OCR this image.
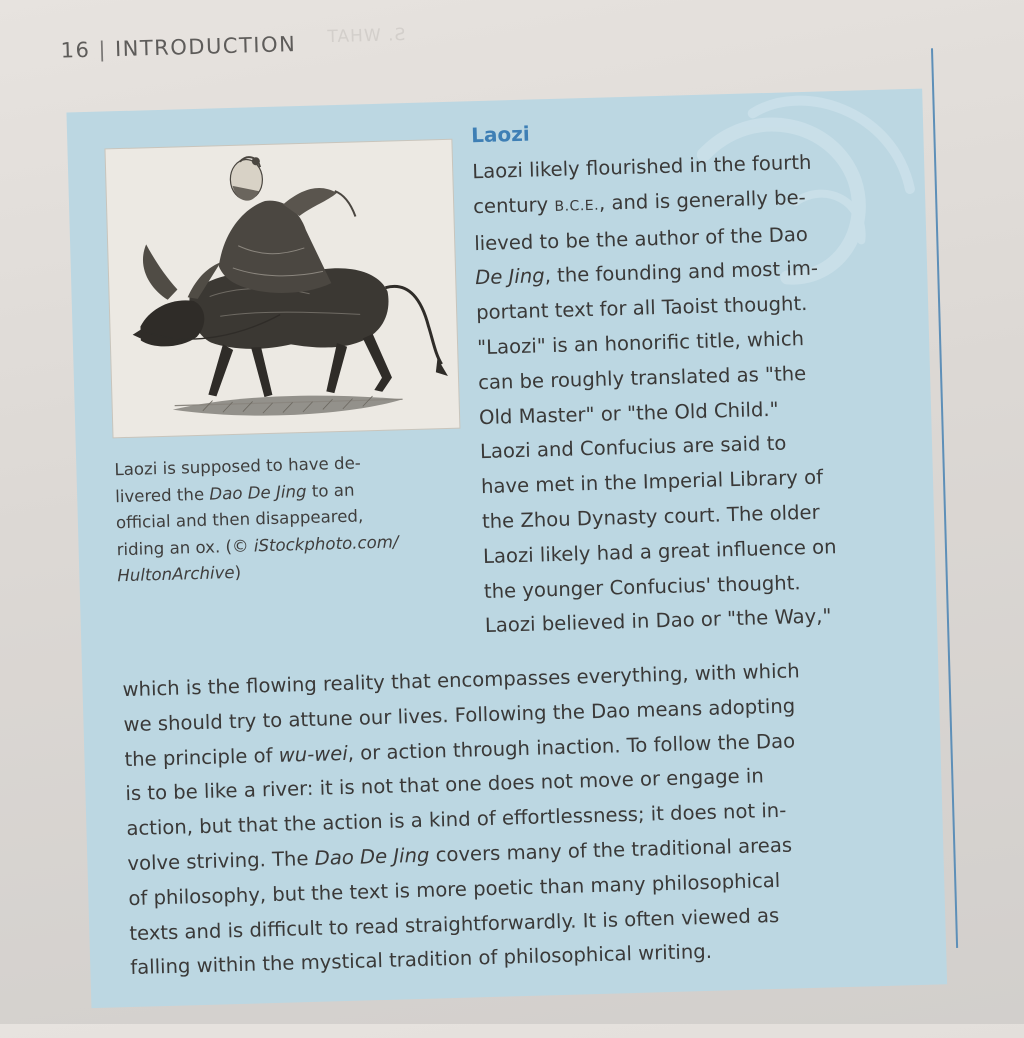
16 | INTRODUCTION S. WHAT
Laozi is supposed to have de-
livered the Dao De Jing to an
official and then disappeared,
riding an ox. (© iStockphoto.com/
HultonArchive)
Laozi
Laozi likely flourished in the fourth
century B.C.E., and is generally be-
lieved to be the author of the Dao
De Jing, the founding and most im-
portant text for all Taoist thought.
"Laozi" is an honorific title, which
can be roughly translated as "the
Old Master" or "the Old Child."
Laozi and Confucius are said to
have met in the Imperial Library of
the Zhou Dynasty court. The older
Laozi likely had a great influence on
the younger Confucius' thought.
Laozi believed in Dao or "the Way,"
which is the flowing reality that encompasses everything, with which
we should try to attune our lives. Following the Dao means adopting
the principle of wu-wei, or action through inaction. To follow the Dao
is to be like a river: it is not that one does not move or engage in
action, but that the action is a kind of effortlessness; it does not in-
volve striving. The Dao De Jing covers many of the traditional areas
of philosophy, but the text is more poetic than many philosophical
texts and is difficult to read straightforwardly. It is often viewed as
falling within the mystical tradition of philosophical writing.
